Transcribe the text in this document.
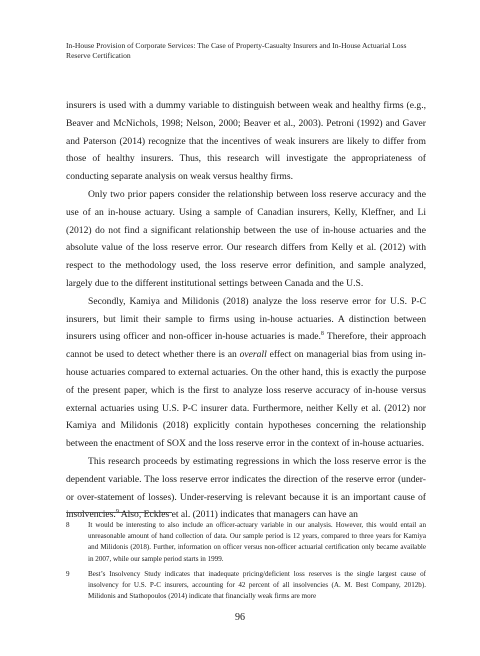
In-House Provision of Corporate Services: The Case of Property-Casualty Insurers and In-House Actuarial Loss Reserve Certification

insurers is used with a dummy variable to distinguish between weak and healthy firms (e.g., Beaver and McNichols, 1998; Nelson, 2000; Beaver et al., 2003). Petroni (1992) and Gaver and Paterson (2014) recognize that the incentives of weak insurers are likely to differ from those of healthy insurers. Thus, this research will investigate the appropriateness of conducting separate analysis on weak versus healthy firms.

Only two prior papers consider the relationship between loss reserve accuracy and the use of an in-house actuary. Using a sample of Canadian insurers, Kelly, Kleffner, and Li (2012) do not find a significant relationship between the use of in-house actuaries and the absolute value of the loss reserve error. Our research differs from Kelly et al. (2012) with respect to the methodology used, the loss reserve error definition, and sample analyzed, largely due to the different institutional settings between Canada and the U.S.

Secondly, Kamiya and Milidonis (2018) analyze the loss reserve error for U.S. P-C insurers, but limit their sample to firms using in-house actuaries. A distinction between insurers using officer and non-officer in-house actuaries is made.$^8$ Therefore, their approach cannot be used to detect whether there is an overall effect on managerial bias from using in-house actuaries compared to external actuaries. On the other hand, this is exactly the purpose of the present paper, which is the first to analyze loss reserve accuracy of in-house versus external actuaries using U.S. P-C insurer data. Furthermore, neither Kelly et al. (2012) nor Kamiya and Milidonis (2018) explicitly contain hypotheses concerning the relationship between the enactment of SOX and the loss reserve error in the context of in-house actuaries.

This research proceeds by estimating regressions in which the loss reserve error is the dependent variable. The loss reserve error indicates the direction of the reserve error (under- or over-statement of losses). Under-reserving is relevant because it is an important cause of insolvencies.$^9$ Also, Eckles et al. (2011) indicates that managers can have an

8	It would be interesting to also include an officer-actuary variable in our analysis. However, this would entail an unreasonable amount of hand collection of data. Our sample period is 12 years, compared to three years for Kamiya and Milidonis (2018). Further, information on officer versus non-officer actuarial certification only became available in 2007, while our sample period starts in 1999.
9	Best’s Insolvency Study indicates that inadequate pricing/deficient loss reserves is the single largest cause of insolvency for U.S. P-C insurers, accounting for 42 percent of all insolvencies (A. M. Best Company, 2012b). Milidonis and Stathopoulos (2014) indicate that financially weak firms are more
96
